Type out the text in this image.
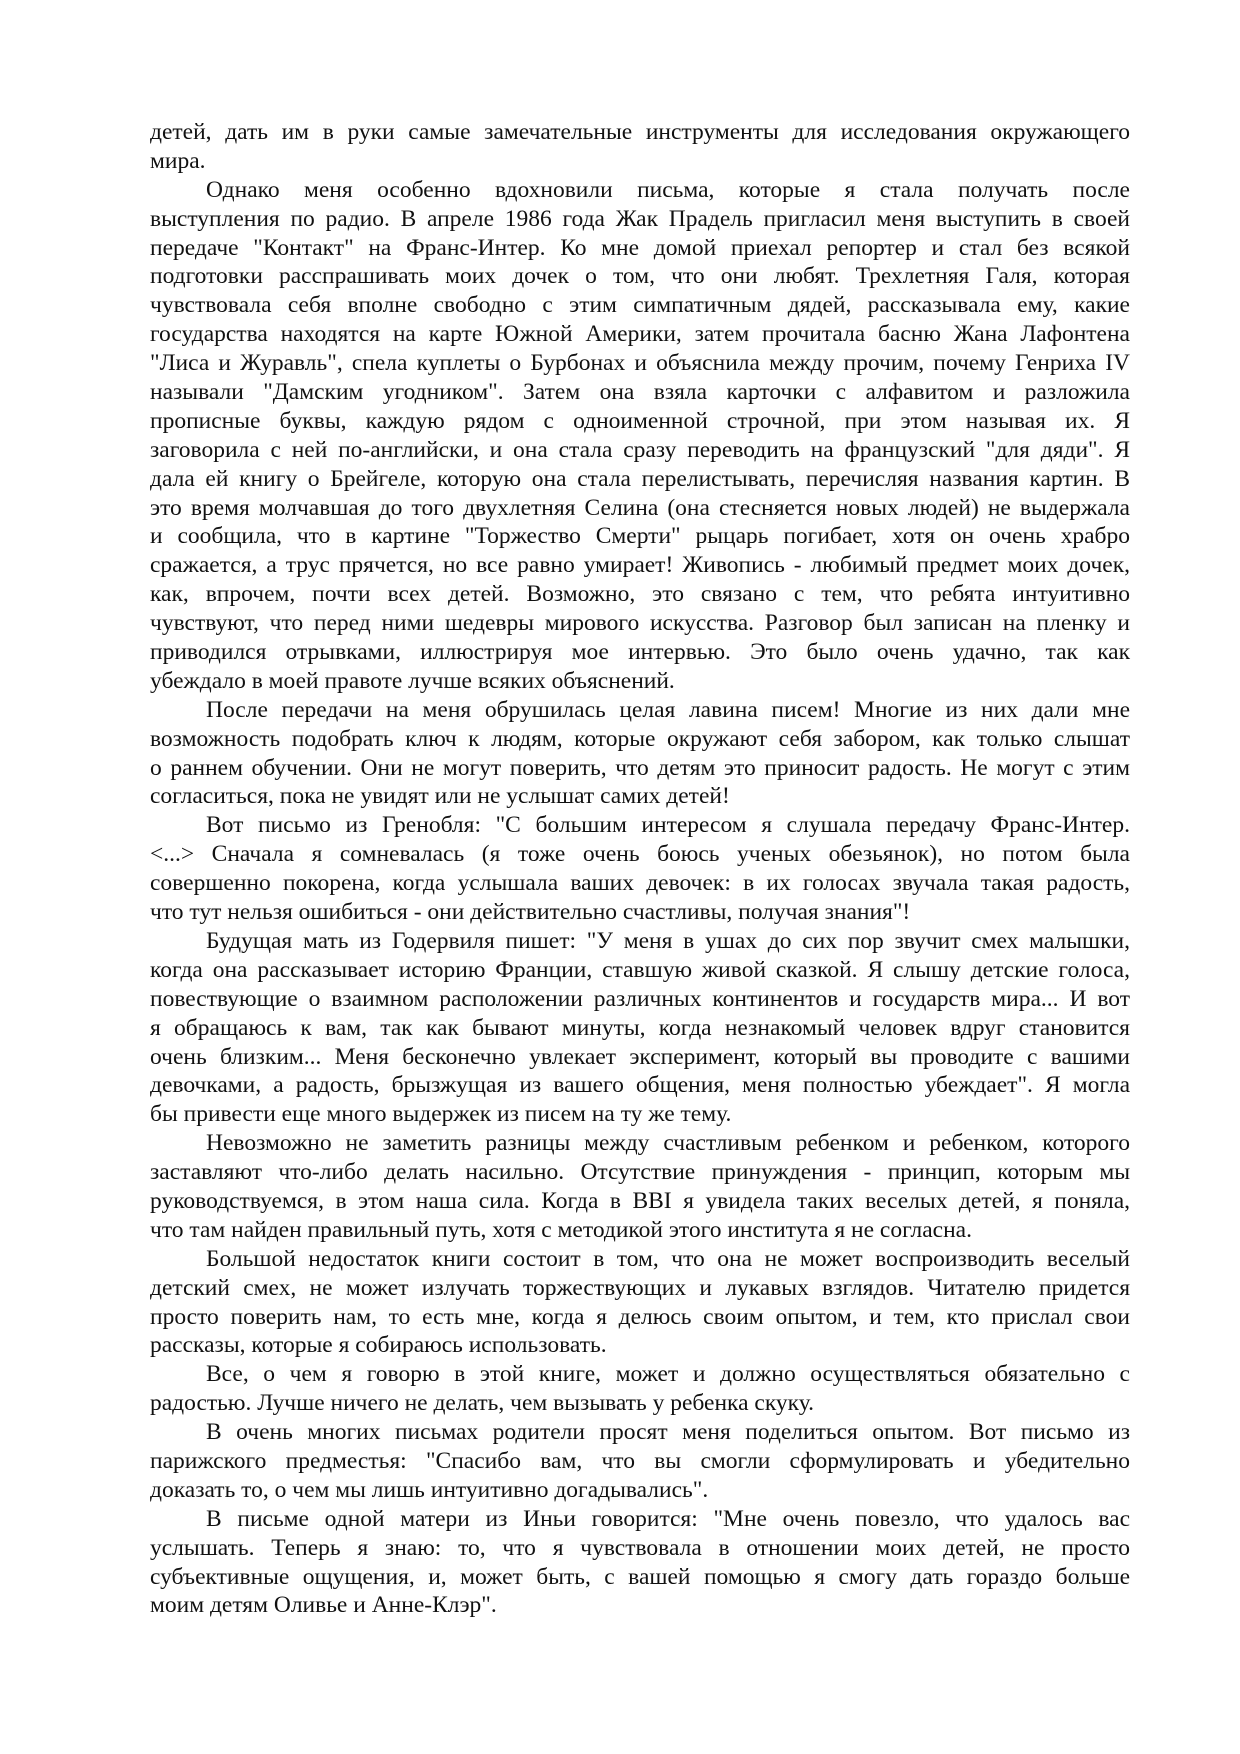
детей, дать им в руки самые замечательные инструменты для исследования окружающего
мира.
Однако меня особенно вдохновили письма, которые я стала получать после
выступления по радио. В апреле 1986 года Жак Прадель пригласил меня выступить в своей
передаче "Контакт" на Франс-Интер. Ко мне домой приехал репортер и стал без всякой
подготовки расспрашивать моих дочек о том, что они любят. Трехлетняя Галя, которая
чувствовала себя вполне свободно с этим симпатичным дядей, рассказывала ему, какие
государства находятся на карте Южной Америки, затем прочитала басню Жана Лафонтена
"Лиса и Журавль", спела куплеты о Бурбонах и объяснила между прочим, почему Генриха IV
называли "Дамским угодником". Затем она взяла карточки с алфавитом и разложила
прописные буквы, каждую рядом с одноименной строчной, при этом называя их. Я
заговорила с ней по-английски, и она стала сразу переводить на французский "для дяди". Я
дала ей книгу о Брейгеле, которую она стала перелистывать, перечисляя названия картин. В
это время молчавшая до того двухлетняя Селина (она стесняется новых людей) не выдержала
и сообщила, что в картине "Торжество Смерти" рыцарь погибает, хотя он очень храбро
сражается, а трус прячется, но все равно умирает! Живопись - любимый предмет моих дочек,
как, впрочем, почти всех детей. Возможно, это связано с тем, что ребята интуитивно
чувствуют, что перед ними шедевры мирового искусства. Разговор был записан на пленку и
приводился отрывками, иллюстрируя мое интервью. Это было очень удачно, так как
убеждало в моей правоте лучше всяких объяснений.
После передачи на меня обрушилась целая лавина писем! Многие из них дали мне
возможность подобрать ключ к людям, которые окружают себя забором, как только слышат
о раннем обучении. Они не могут поверить, что детям это приносит радость. Не могут с этим
согласиться, пока не увидят или не услышат самих детей!
Вот письмо из Гренобля: "С большим интересом я слушала передачу Франс-Интер.
<...> Сначала я сомневалась (я тоже очень боюсь ученых обезьянок), но потом была
совершенно покорена, когда услышала ваших девочек: в их голосах звучала такая радость,
что тут нельзя ошибиться - они действительно счастливы, получая знания"!
Будущая мать из Годервиля пишет: "У меня в ушах до сих пор звучит смех малышки,
когда она рассказывает историю Франции, ставшую живой сказкой. Я слышу детские голоса,
повествующие о взаимном расположении различных континентов и государств мира... И вот
я обращаюсь к вам, так как бывают минуты, когда незнакомый человек вдруг становится
очень близким... Меня бесконечно увлекает эксперимент, который вы проводите с вашими
девочками, а радость, брызжущая из вашего общения, меня полностью убеждает". Я могла
бы привести еще много выдержек из писем на ту же тему.
Невозможно не заметить разницы между счастливым ребенком и ребенком, которого
заставляют что-либо делать насильно. Отсутствие принуждения - принцип, которым мы
руководствуемся, в этом наша сила. Когда в BBI я увидела таких веселых детей, я поняла,
что там найден правильный путь, хотя с методикой этого института я не согласна.
Большой недостаток книги состоит в том, что она не может воспроизводить веселый
детский смех, не может излучать торжествующих и лукавых взглядов. Читателю придется
просто поверить нам, то есть мне, когда я делюсь своим опытом, и тем, кто прислал свои
рассказы, которые я собираюсь использовать.
Все, о чем я говорю в этой книге, может и должно осуществляться обязательно с
радостью. Лучше ничего не делать, чем вызывать у ребенка скуку.
В очень многих письмах родители просят меня поделиться опытом. Вот письмо из
парижского предместья: "Спасибо вам, что вы смогли сформулировать и убедительно
доказать то, о чем мы лишь интуитивно догадывались".
В письме одной матери из Иньи говорится: "Мне очень повезло, что удалось вас
услышать. Теперь я знаю: то, что я чувствовала в отношении моих детей, не просто
субъективные ощущения, и, может быть, с вашей помощью я смогу дать гораздо больше
моим детям Оливье и Анне-Клэр".
